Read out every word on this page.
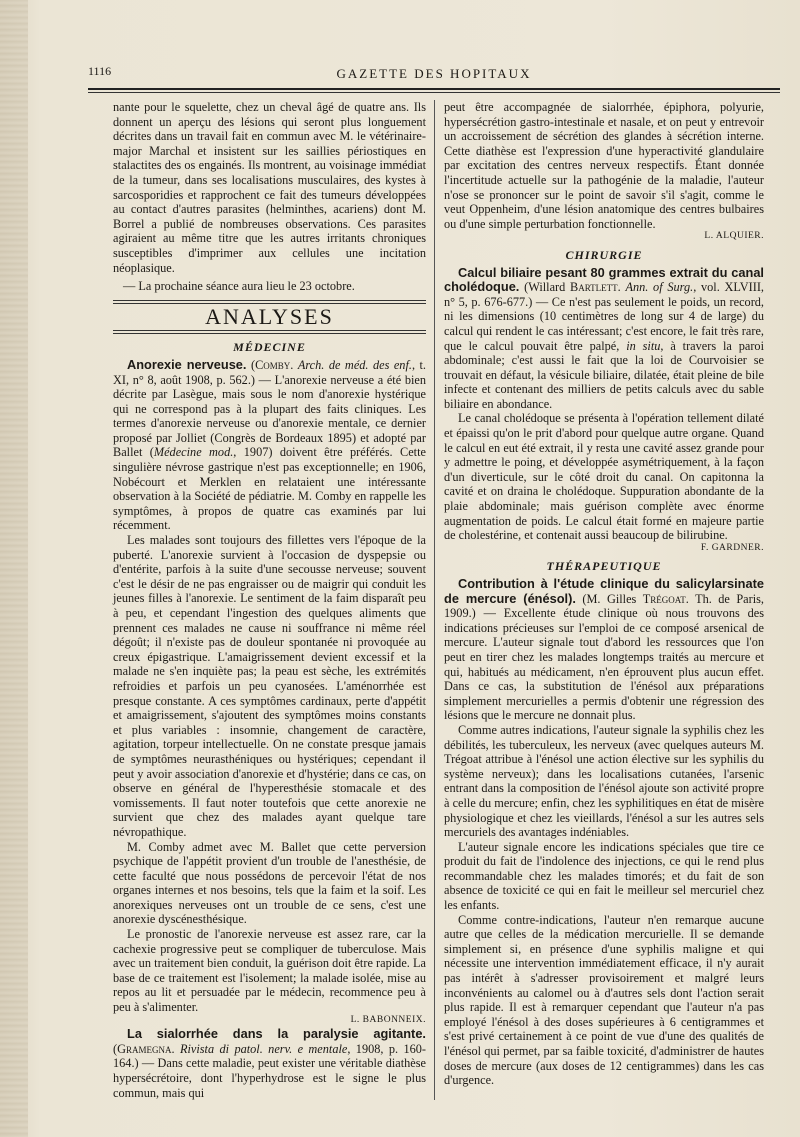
1116	GAZETTE DES HOPITAUX

nante pour le squelette, chez un cheval âgé de quatre ans. Ils donnent un aperçu des lésions qui seront plus longuement décrites dans un travail fait en commun avec M. le vétérinaire-major Marchal et insistent sur les saillies périostiques en stalactites des os engainés. Ils montrent, au voisinage immédiat de la tumeur, dans ses localisations musculaires, des kystes à sarcosporidies et rapprochent ce fait des tumeurs développées au contact d'autres parasites (helminthes, acariens) dont M. Borrel a publié de nombreuses observations. Ces parasites agiraient au même titre que les autres irritants chroniques susceptibles d'imprimer aux cellules une incitation néoplasique.

— La prochaine séance aura lieu le 23 octobre.

ANALYSES
MÉDECINE

Anorexie nerveuse. (Comby. Arch. de méd. des enf., t. XI, n° 8, août 1908, p. 562.) — L'anorexie nerveuse a été bien décrite par Lasègue, mais sous le nom d'anorexie hystérique qui ne correspond pas à la plupart des faits cliniques. Les termes d'anorexie nerveuse ou d'anorexie mentale, ce dernier proposé par Jolliet (Congrès de Bordeaux 1895) et adopté par Ballet (Médecine mod., 1907) doivent être préférés. Cette singulière névrose gastrique n'est pas exceptionnelle; en 1906, Nobécourt et Merklen en relataient une intéressante observation à la Société de pédiatrie. M. Comby en rappelle les symptômes, à propos de quatre cas examinés par lui récemment.

Les malades sont toujours des fillettes vers l'époque de la puberté. L'anorexie survient à l'occasion de dyspepsie ou d'entérite, parfois à la suite d'une secousse nerveuse; souvent c'est le désir de ne pas engraisser ou de maigrir qui conduit les jeunes filles à l'anorexie. Le sentiment de la faim disparaît peu à peu, et cependant l'ingestion des quelques aliments que prennent ces malades ne cause ni souffrance ni même réel dégoût; il n'existe pas de douleur spontanée ni provoquée au creux épigastrique. L'amaigrissement devient excessif et la malade ne s'en inquiète pas; la peau est sèche, les extrémités refroidies et parfois un peu cyanosées. L'aménorrhée est presque constante. A ces symptômes cardinaux, perte d'appétit et amaigrissement, s'ajoutent des symptômes moins constants et plus variables : insomnie, changement de caractère, agitation, torpeur intellectuelle. On ne constate presque jamais de symptômes neurasthéniques ou hystériques; cependant il peut y avoir association d'anorexie et d'hystérie; dans ce cas, on observe en général de l'hyperesthésie stomacale et des vomissements. Il faut noter toutefois que cette anorexie ne survient que chez des malades ayant quelque tare névropathique.

M. Comby admet avec M. Ballet que cette perversion psychique de l'appétit provient d'un trouble de l'anesthésie, de cette faculté que nous possédons de percevoir l'état de nos organes internes et nos besoins, tels que la faim et la soif. Les anorexiques nerveuses ont un trouble de ce sens, c'est une anorexie dyscénesthésique.

Le pronostic de l'anorexie nerveuse est assez rare, car la cachexie progressive peut se compliquer de tuberculose. Mais avec un traitement bien conduit, la guérison doit être rapide. La base de ce traitement est l'isolement; la malade isolée, mise au repos au lit et persuadée par le médecin, recommence peu à peu à s'alimenter.

L. BABONNEIX.

La sialorrhée dans la paralysie agitante. (Gramegna. Rivista di patol. nerv. e mentale, 1908, p. 160-164.) — Dans cette maladie, peut exister une véritable diathèse hypersécrétoire, dont l'hyperhydrose est le signe le plus commun, mais qui

peut être accompagnée de sialorrhée, épiphora, polyurie, hypersécrétion gastro-intestinale et nasale, et on peut y entrevoir un accroissement de sécrétion des glandes à sécrétion interne. Cette diathèse est l'expression d'une hyperactivité glandulaire par excitation des centres nerveux respectifs. Étant donnée l'incertitude actuelle sur la pathogénie de la maladie, l'auteur n'ose se prononcer sur le point de savoir s'il s'agit, comme le veut Oppenheim, d'une lésion anatomique des centres bulbaires ou d'une simple perturbation fonctionnelle.

L. ALQUIER.
CHIRURGIE

Calcul biliaire pesant 80 grammes extrait du canal cholédoque. (Willard Bartlett. Ann. of Surg., vol. XLVIII, n° 5, p. 676-677.) — Ce n'est pas seulement le poids, un record, ni les dimensions (10 centimètres de long sur 4 de large) du calcul qui rendent le cas intéressant; c'est encore, le fait très rare, que le calcul pouvait être palpé, in situ, à travers la paroi abdominale; c'est aussi le fait que la loi de Courvoisier se trouvait en défaut, la vésicule biliaire, dilatée, était pleine de bile infecte et contenant des milliers de petits calculs avec du sable biliaire en abondance.

Le canal cholédoque se présenta à l'opération tellement dilaté et épaissi qu'on le prit d'abord pour quelque autre organe. Quand le calcul en eut été extrait, il y resta une cavité assez grande pour y admettre le poing, et développée asymétriquement, à la façon d'un diverticule, sur le côté droit du canal. On capitonna la cavité et on draina le cholédoque. Suppuration abondante de la plaie abdominale; mais guérison complète avec énorme augmentation de poids. Le calcul était formé en majeure partie de cholestérine, et contenait aussi beaucoup de bilirubine.

F. GARDNER.
THÉRAPEUTIQUE

Contribution à l'étude clinique du salicylarsinate de mercure (énésol). (M. Gilles Trégoat. Th. de Paris, 1909.) — Excellente étude clinique où nous trouvons des indications précieuses sur l'emploi de ce composé arsenical de mercure. L'auteur signale tout d'abord les ressources que l'on peut en tirer chez les malades longtemps traités au mercure et qui, habitués au médicament, n'en éprouvent plus aucun effet. Dans ce cas, la substitution de l'énésol aux préparations simplement mercurielles a permis d'obtenir une régression des lésions que le mercure ne donnait plus.

Comme autres indications, l'auteur signale la syphilis chez les débilités, les tuberculeux, les nerveux (avec quelques auteurs M. Trégoat attribue à l'énésol une action élective sur les syphilis du système nerveux); dans les localisations cutanées, l'arsenic entrant dans la composition de l'énésol ajoute son activité propre à celle du mercure; enfin, chez les syphilitiques en état de misère physiologique et chez les vieillards, l'énésol a sur les autres sels mercuriels des avantages indéniables.

L'auteur signale encore les indications spéciales que tire ce produit du fait de l'indolence des injections, ce qui le rend plus recommandable chez les malades timorés; et du fait de son absence de toxicité ce qui en fait le meilleur sel mercuriel chez les enfants.

Comme contre-indications, l'auteur n'en remarque aucune autre que celles de la médication mercurielle. Il se demande simplement si, en présence d'une syphilis maligne et qui nécessite une intervention immédiatement efficace, il n'y aurait pas intérêt à s'adresser provisoirement et malgré leurs inconvénients au calomel ou à d'autres sels dont l'action serait plus rapide. Il est à remarquer cependant que l'auteur n'a pas employé l'énésol à des doses supérieures à 6 centigrammes et s'est privé certainement à ce point de vue d'une des qualités de l'énésol qui permet, par sa faible toxicité, d'administrer de hautes doses de mercure (aux doses de 12 centigrammes) dans les cas d'urgence.
